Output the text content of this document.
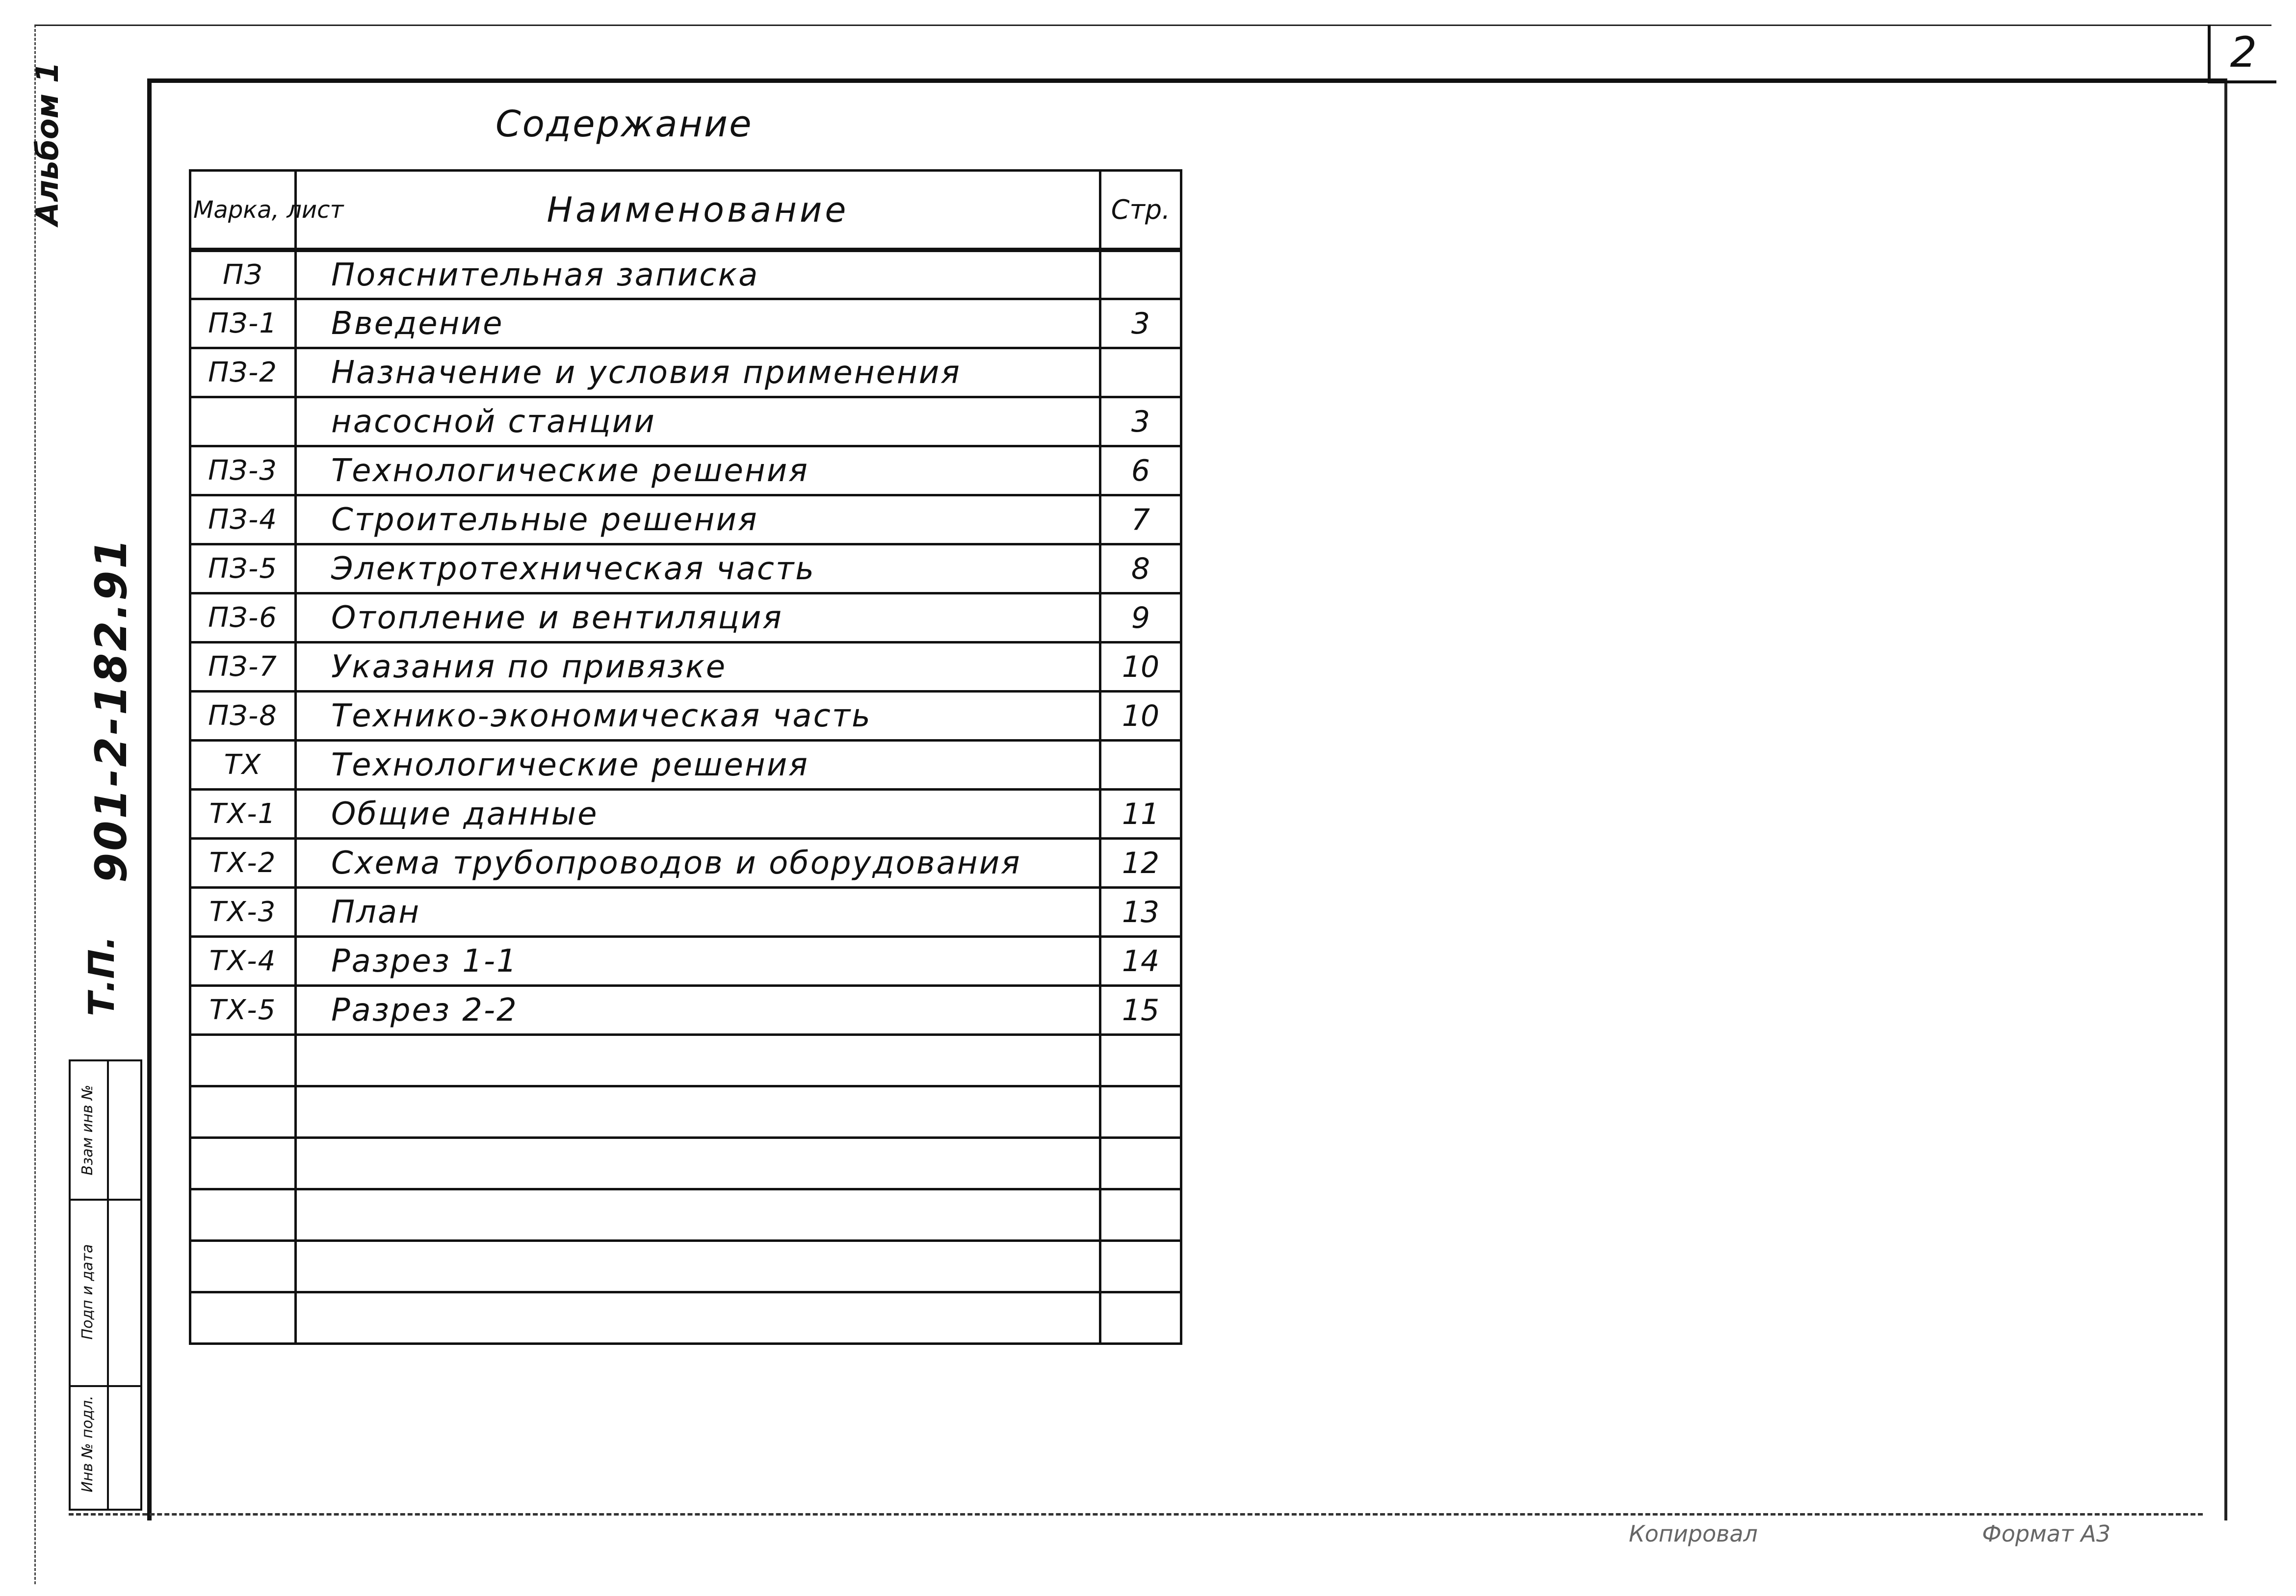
2
Альбом 1
901-2-182.91
Т.П.
Взам инв №
Подп и дата
Инв № подл.
Содержание
Марка, лист	Наименование	Стр.
ПЗ	Пояснительная записка	
ПЗ-1	Введение	3
ПЗ-2	Назначение и условия применения	
	насосной станции	3
ПЗ-3	Технологические решения	6
ПЗ-4	Строительные решения	7
ПЗ-5	Электротехническая часть	8
ПЗ-6	Отопление и вентиляция	9
ПЗ-7	Указания по привязке	10
ПЗ-8	Технико-экономическая часть	10
ТХ	Технологические решения	
ТХ-1	Общие данные	11
ТХ-2	Схема трубопроводов и оборудования	12
ТХ-3	План	13
ТХ-4	Разрез 1-1	14
ТХ-5	Разрез 2-2	15

Копировал	Формат А3
